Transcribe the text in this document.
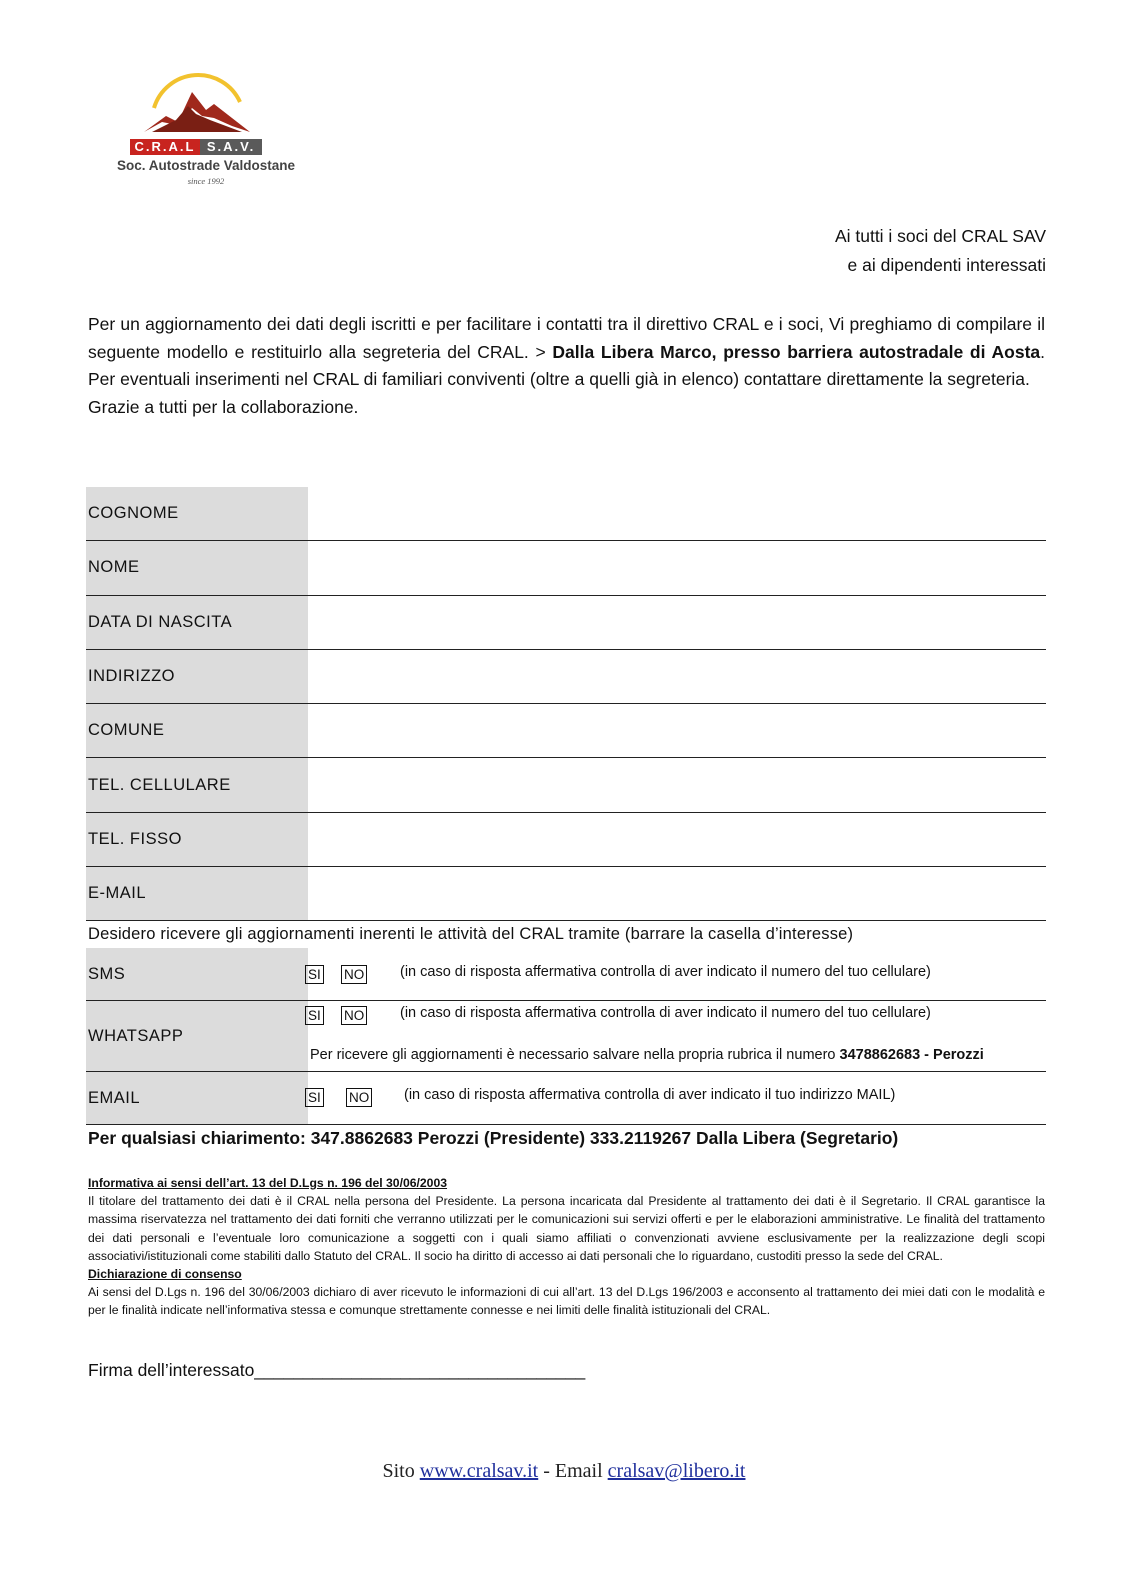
C.R.A.L S.A.V.
Soc. Autostrade Valdostane
since 1992
Ai tutti i soci del CRAL SAV
e ai dipendenti interessati
Per un aggiornamento dei dati degli iscritti e per facilitare i contatti tra il direttivo CRAL e i soci, Vi preghiamo di compilare il seguente modello e restituirlo alla segreteria del CRAL. > Dalla Libera Marco, presso barriera autostradale di Aosta. Per eventuali inserimenti nel CRAL di familiari conviventi (oltre a quelli già in elenco) contattare direttamente la segreteria.
Grazie a tutti per la collaborazione.
COGNOME
NOME
DATA DI NASCITA
INDIRIZZO
COMUNE
TEL. CELLULARE
TEL. FISSO
E-MAIL
Desidero ricevere gli aggiornamenti inerenti le attività del CRAL tramite (barrare la casella d’interesse)
SMS	SI NO (in caso di risposta affermativa controlla di aver indicato il numero del tuo cellulare)
WHATSAPP
SI NO (in caso di risposta affermativa controlla di aver indicato il numero del tuo cellulare)
Per ricevere gli aggiornamenti è necessario salvare nella propria rubrica il numero 3478862683 - Perozzi
EMAIL	SI NO (in caso di risposta affermativa controlla di aver indicato il tuo indirizzo MAIL)
Per qualsiasi chiarimento: 347.8862683 Perozzi (Presidente) 333.2119267 Dalla Libera (Segretario)
Informativa ai sensi dell’art. 13 del D.Lgs n. 196 del 30/06/2003

Il titolare del trattamento dei dati è il CRAL nella persona del Presidente. La persona incaricata dal Presidente al trattamento dei dati è il Segretario. Il CRAL garantisce la massima riservatezza nel trattamento dei dati forniti che verranno utilizzati per le comunicazioni sui servizi offerti e per le elaborazioni amministrative. Le finalità del trattamento dei dati personali e l’eventuale loro comunicazione a soggetti con i quali siamo affiliati o convenzionati avviene esclusivamente per la realizzazione degli scopi associativi/istituzionali come stabiliti dallo Statuto del CRAL. Il socio ha diritto di accesso ai dati personali che lo riguardano, custoditi presso la sede del CRAL.

Dichiarazione di consenso

Ai sensi del D.Lgs n. 196 del 30/06/2003 dichiaro di aver ricevuto le informazioni di cui all’art. 13 del D.Lgs 196/2003 e acconsento al trattamento dei miei dati con le modalità e per le finalità indicate nell’informativa stessa e comunque strettamente connesse e nei limiti delle finalità istituzionali del CRAL.

Firma dell’interessato__________________________________
Sito www.cralsav.it - Email cralsav@libero.it
